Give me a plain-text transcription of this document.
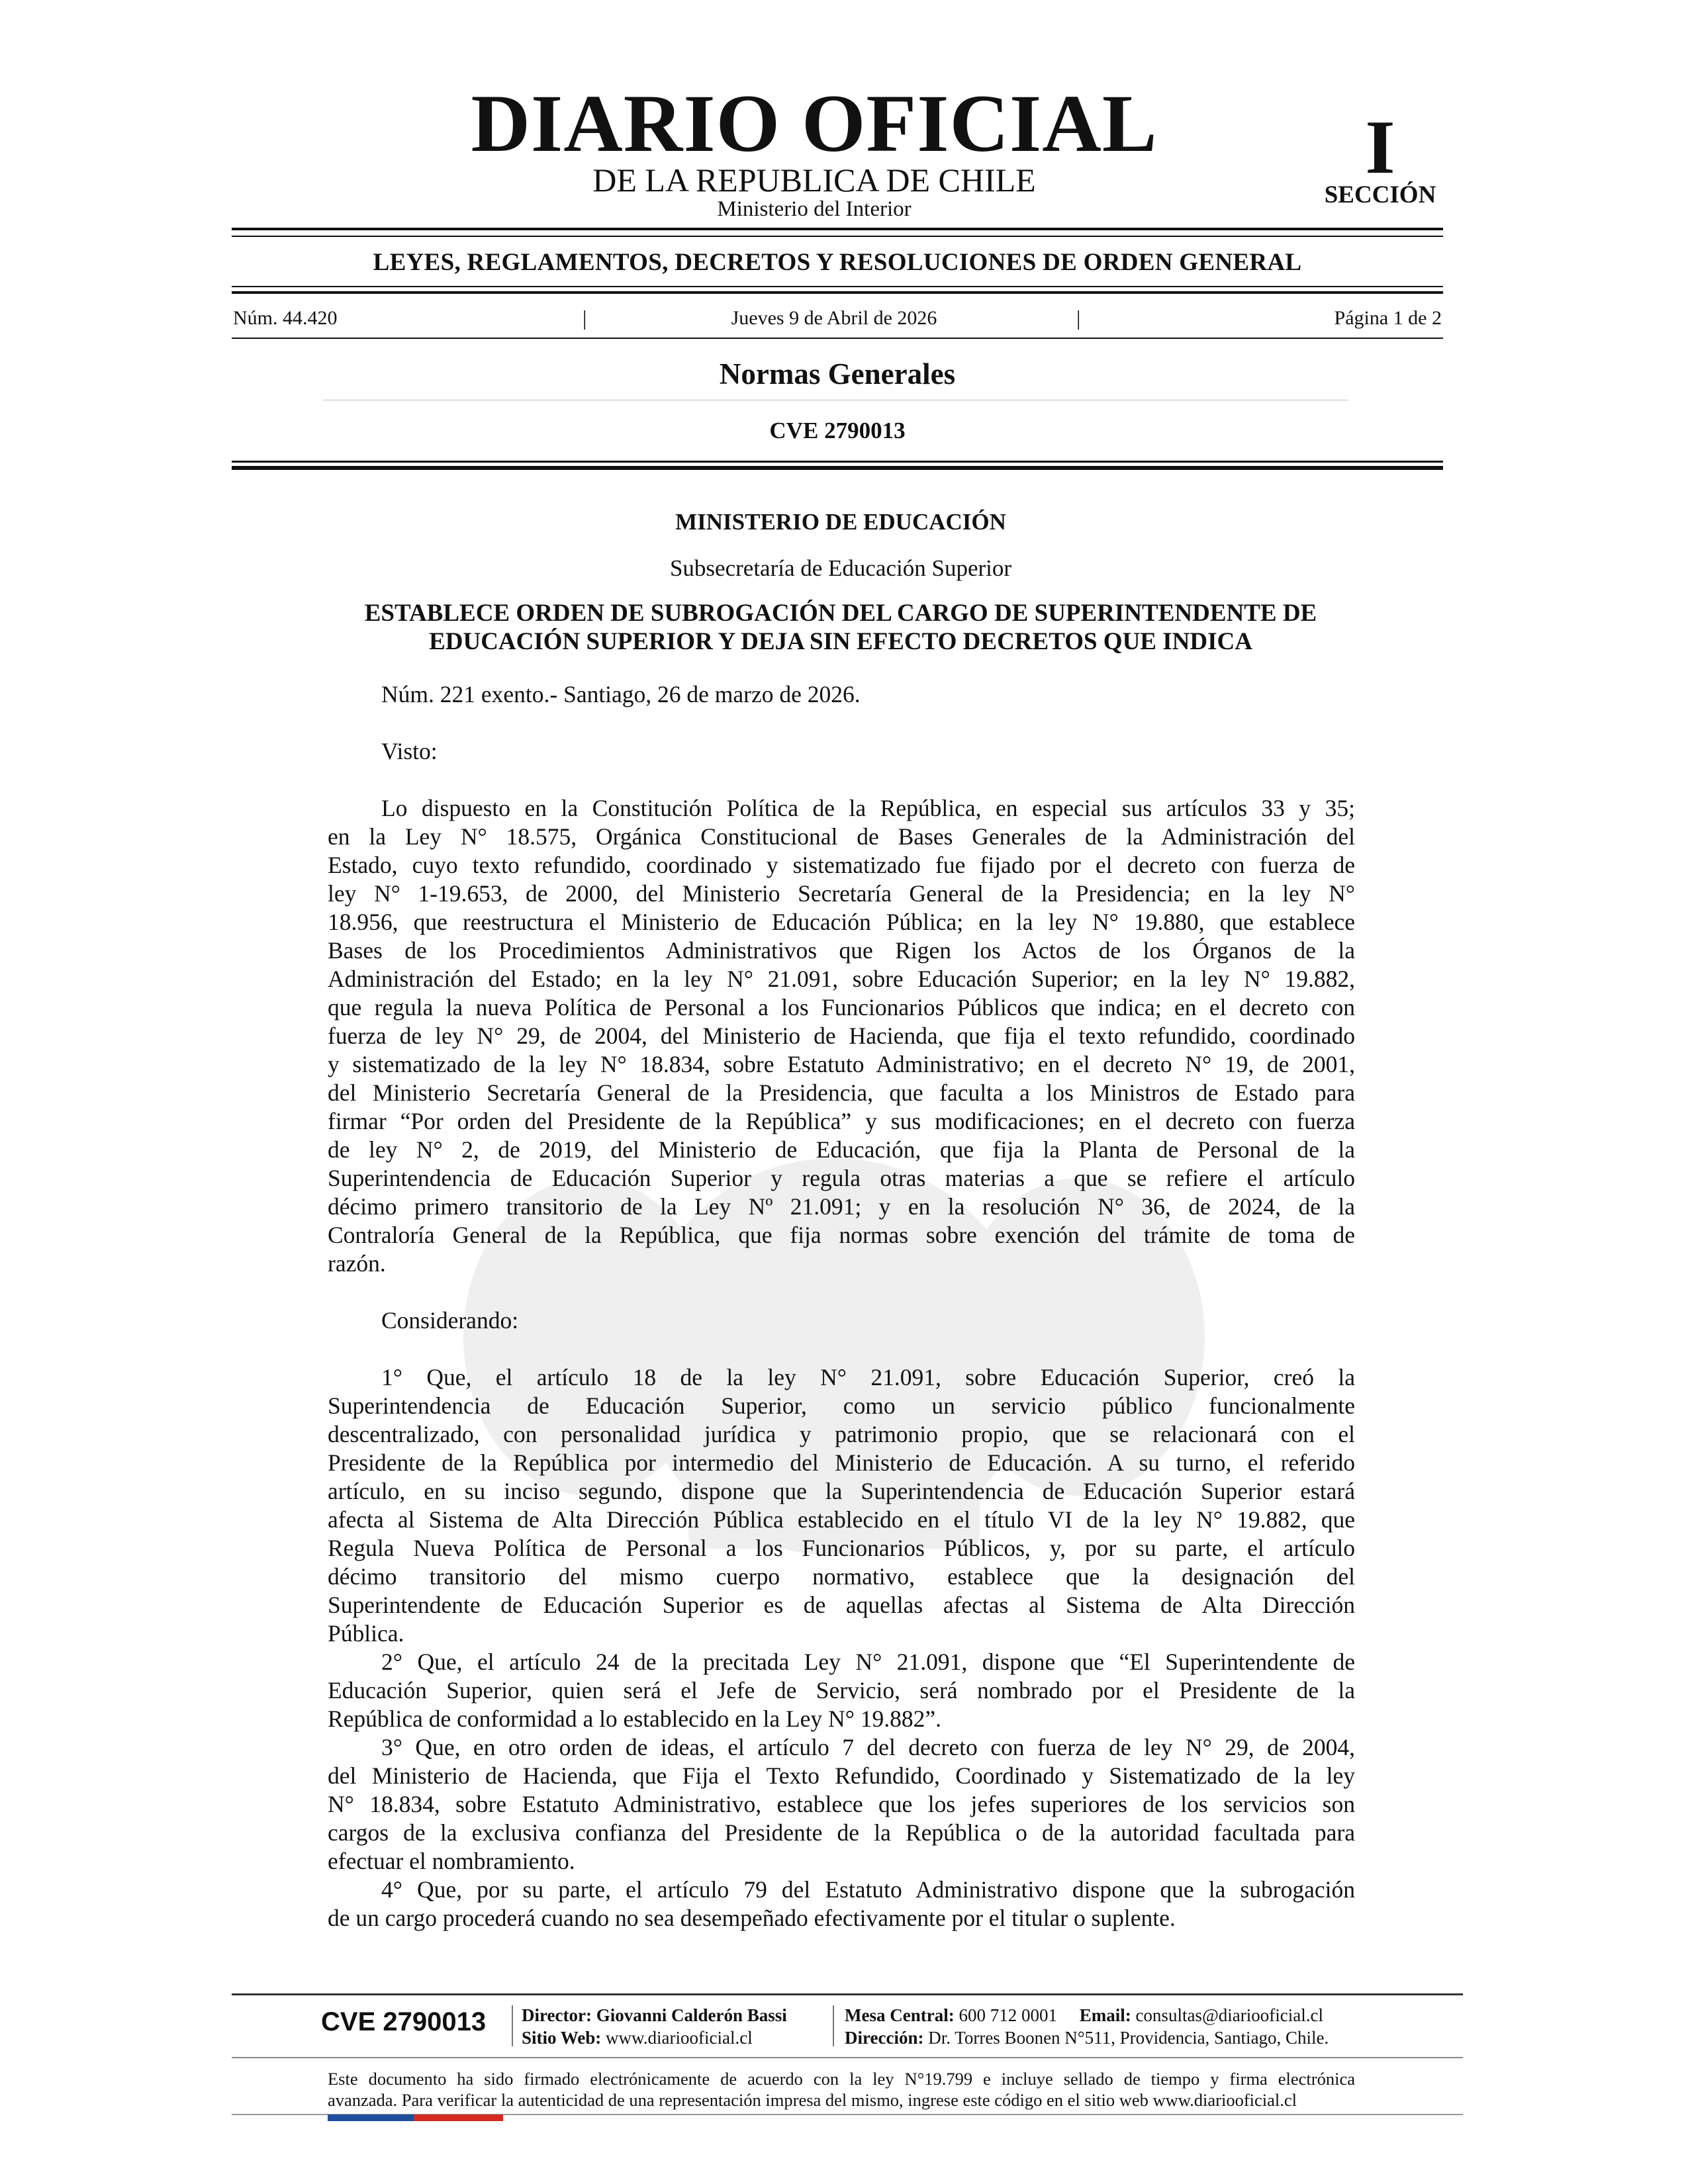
DIARIO OFICIAL
DE LA REPUBLICA DE CHILE
Ministerio del Interior
I
SECCIÓN
LEYES, REGLAMENTOS, DECRETOS Y RESOLUCIONES DE ORDEN GENERAL
Núm. 44.420	|	Jueves 9 de Abril de 2026	|	Página 1 de 2
Normas Generales
CVE 2790013
MINISTERIO DE EDUCACIÓN
Subsecretaría de Educación Superior
ESTABLECE ORDEN DE SUBROGACIÓN DEL CARGO DE SUPERINTENDENTE DE
EDUCACIÓN SUPERIOR Y DEJA SIN EFECTO DECRETOS QUE INDICA
Núm. 221 exento.- Santiago, 26 de marzo de 2026.
Visto:
Lo dispuesto en la Constitución Política de la República, en especial sus artículos 33 y 35;
en la Ley N° 18.575, Orgánica Constitucional de Bases Generales de la Administración del
Estado, cuyo texto refundido, coordinado y sistematizado fue fijado por el decreto con fuerza de
ley N° 1-19.653, de 2000, del Ministerio Secretaría General de la Presidencia; en la ley N°
18.956, que reestructura el Ministerio de Educación Pública; en la ley N° 19.880, que establece
Bases de los Procedimientos Administrativos que Rigen los Actos de los Órganos de la
Administración del Estado; en la ley N° 21.091, sobre Educación Superior; en la ley N° 19.882,
que regula la nueva Política de Personal a los Funcionarios Públicos que indica; en el decreto con
fuerza de ley N° 29, de 2004, del Ministerio de Hacienda, que fija el texto refundido, coordinado
y sistematizado de la ley N° 18.834, sobre Estatuto Administrativo; en el decreto N° 19, de 2001,
del Ministerio Secretaría General de la Presidencia, que faculta a los Ministros de Estado para
firmar “Por orden del Presidente de la República” y sus modificaciones; en el decreto con fuerza
de ley N° 2, de 2019, del Ministerio de Educación, que fija la Planta de Personal de la
Superintendencia de Educación Superior y regula otras materias a que se refiere el artículo
décimo primero transitorio de la Ley Nº 21.091; y en la resolución N° 36, de 2024, de la
Contraloría General de la República, que fija normas sobre exención del trámite de toma de
razón.
Considerando:
1° Que, el artículo 18 de la ley N° 21.091, sobre Educación Superior, creó la
Superintendencia de Educación Superior, como un servicio público funcionalmente
descentralizado, con personalidad jurídica y patrimonio propio, que se relacionará con el
Presidente de la República por intermedio del Ministerio de Educación. A su turno, el referido
artículo, en su inciso segundo, dispone que la Superintendencia de Educación Superior estará
afecta al Sistema de Alta Dirección Pública establecido en el título VI de la ley N° 19.882, que
Regula Nueva Política de Personal a los Funcionarios Públicos, y, por su parte, el artículo
décimo transitorio del mismo cuerpo normativo, establece que la designación del
Superintendente de Educación Superior es de aquellas afectas al Sistema de Alta Dirección
Pública.
2° Que, el artículo 24 de la precitada Ley N° 21.091, dispone que “El Superintendente de
Educación Superior, quien será el Jefe de Servicio, será nombrado por el Presidente de la
República de conformidad a lo establecido en la Ley N° 19.882”.
3° Que, en otro orden de ideas, el artículo 7 del decreto con fuerza de ley N° 29, de 2004,
del Ministerio de Hacienda, que Fija el Texto Refundido, Coordinado y Sistematizado de la ley
N° 18.834, sobre Estatuto Administrativo, establece que los jefes superiores de los servicios son
cargos de la exclusiva confianza del Presidente de la República o de la autoridad facultada para
efectuar el nombramiento.
4° Que, por su parte, el artículo 79 del Estatuto Administrativo dispone que la subrogación
de un cargo procederá cuando no sea desempeñado efectivamente por el titular o suplente.
CVE 2790013 Director: Giovanni Calderón Bassi
Sitio Web: www.diariooficial.cl
Mesa Central: 600 712 0001 Email: consultas@diariooficial.cl
Dirección: Dr. Torres Boonen N°511, Providencia, Santiago, Chile.
Este documento ha sido firmado electrónicamente de acuerdo con la ley N°19.799 e incluye sellado de tiempo y firma electrónica
avanzada. Para verificar la autenticidad de una representación impresa del mismo, ingrese este código en el sitio web www.diariooficial.cl
